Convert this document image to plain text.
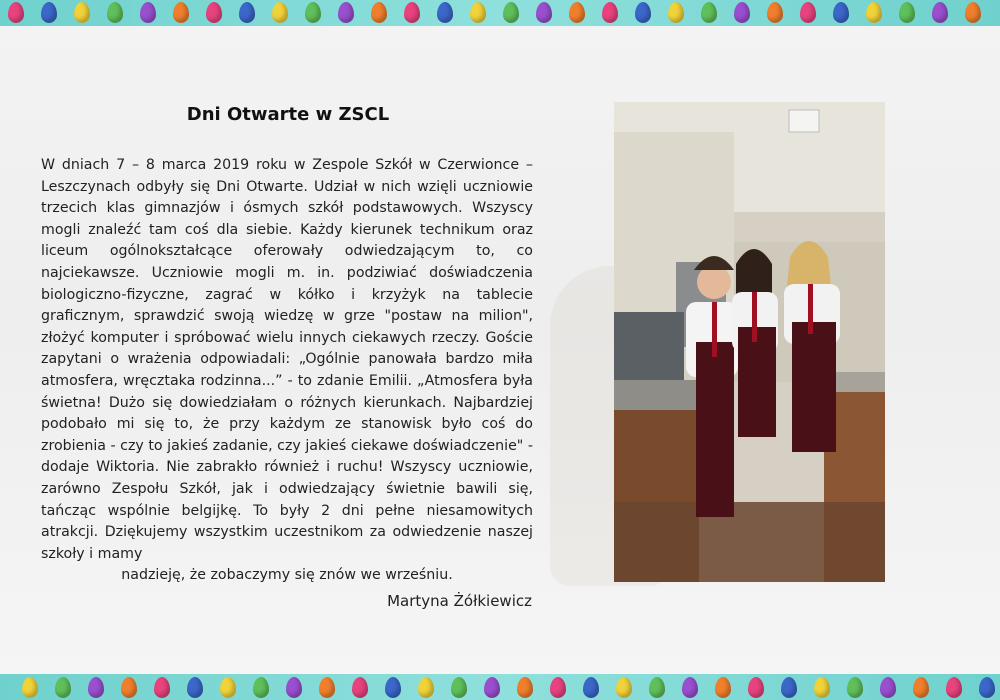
Dni Otwarte w ZSCL

W dniach 7 – 8 marca 2019 roku w Zespole Szkół w Czerwionce – Leszczynach odbyły się Dni Otwarte. Udział w nich wzięli uczniowie trzecich klas gimnazjów i ósmych szkół podstawowych. Wszyscy mogli znaleźć tam coś dla siebie. Każdy kierunek technikum oraz liceum ogólnokształcące oferowały odwiedzającym to, co najciekawsze. Uczniowie mogli m. in. podziwiać doświadczenia biologiczno-fizyczne, zagrać w kółko i krzyżyk na tablecie graficznym, sprawdzić swoją wiedzę w grze "postaw na milion", złożyć komputer i spróbować wielu innych ciekawych rzeczy. Goście zapytani o wrażenia odpowiadali: „Ogólnie panowała bardzo miła atmosfera, wręcztaka rodzinna...” - to zdanie Emilii. „Atmosfera była świetna! Dużo się dowiedziałam o różnych kierunkach. Najbardziej podobało mi się to, że przy każdym ze stanowisk było coś do zrobienia - czy to jakieś zadanie, czy jakieś ciekawe doświadczenie" - dodaje Wiktoria. Nie zabrakło również i ruchu! Wszyscy uczniowie, zarówno Zespołu Szkół, jak i odwiedzający świetnie bawili się, tańcząc wspólnie belgijkę. To były 2 dni pełne niesamowitych atrakcji. Dziękujemy wszystkim uczestnikom za odwiedzenie naszej szkoły i mamy
nadzieję, że zobaczymy się znów we wrześniu.

Martyna Żółkiewicz
